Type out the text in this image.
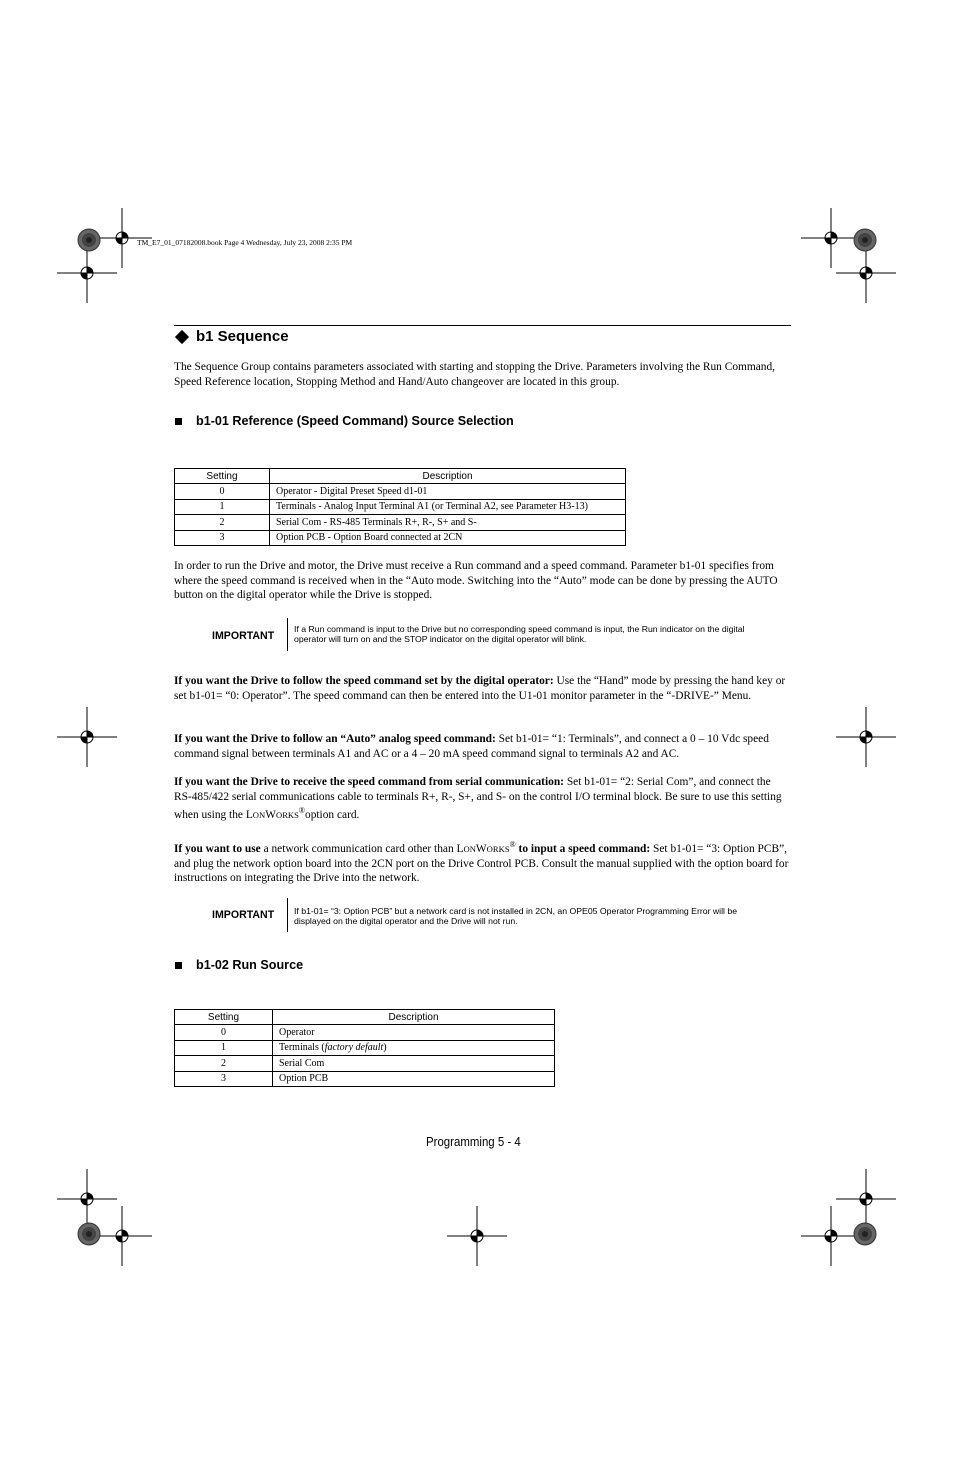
TM_E7_01_07182008.book Page 4 Wednesday, July 23, 2008 2:35 PM
b1 Sequence
The Sequence Group contains parameters associated with starting and stopping the Drive. Parameters involving the Run Command, Speed Reference location, Stopping Method and Hand/Auto changeover are located in this group.
b1-01 Reference (Speed Command) Source Selection
Setting	Description
0	Operator - Digital Preset Speed d1-01
1	Terminals - Analog Input Terminal A1 (or Terminal A2, see Parameter H3-13)
2	Serial Com - RS-485 Terminals R+, R-, S+ and S-
3	Option PCB - Option Board connected at 2CN
In order to run the Drive and motor, the Drive must receive a Run command and a speed command. Parameter b1-01 specifies from where the speed command is received when in the “Auto mode. Switching into the “Auto” mode can be done by pressing the AUTO button on the digital operator while the Drive is stopped.
IMPORTANT
If a Run command is input to the Drive but no corresponding speed command is input, the Run indicator on the digital operator will turn on and the STOP indicator on the digital operator will blink.
If you want the Drive to follow the speed command set by the digital operator: Use the “Hand” mode by pressing the hand key or set b1-01= “0: Operator”. The speed command can then be entered into the U1-01 monitor parameter in the “-DRIVE-” Menu.
If you want the Drive to follow an “Auto” analog speed command: Set b1-01= “1: Terminals”, and connect a 0 – 10 Vdc speed command signal between terminals A1 and AC or a 4 – 20 mA speed command signal to terminals A2 and AC.
If you want the Drive to receive the speed command from serial communication: Set b1-01= “2: Serial Com”, and connect the RS-485/422 serial communications cable to terminals R+, R-, S+, and S- on the control I/O terminal block. Be sure to use this setting when using the LONWORKS®option card.
If you want to use a network communication card other than LONWORKS® to input a speed command: Set b1-01= “3: Option PCB”, and plug the network option board into the 2CN port on the Drive Control PCB. Consult the manual supplied with the option board for instructions on integrating the Drive into the network.
IMPORTANT If b1-01= “3: Option PCB” but a network card is not installed in 2CN, an OPE05 Operator Programming Error will be displayed on the digital operator and the Drive will not run.
b1-02 Run Source
Setting	Description
0	Operator
1	Terminals (factory default)
2	Serial Com
3	Option PCB
Programming 5 - 4
